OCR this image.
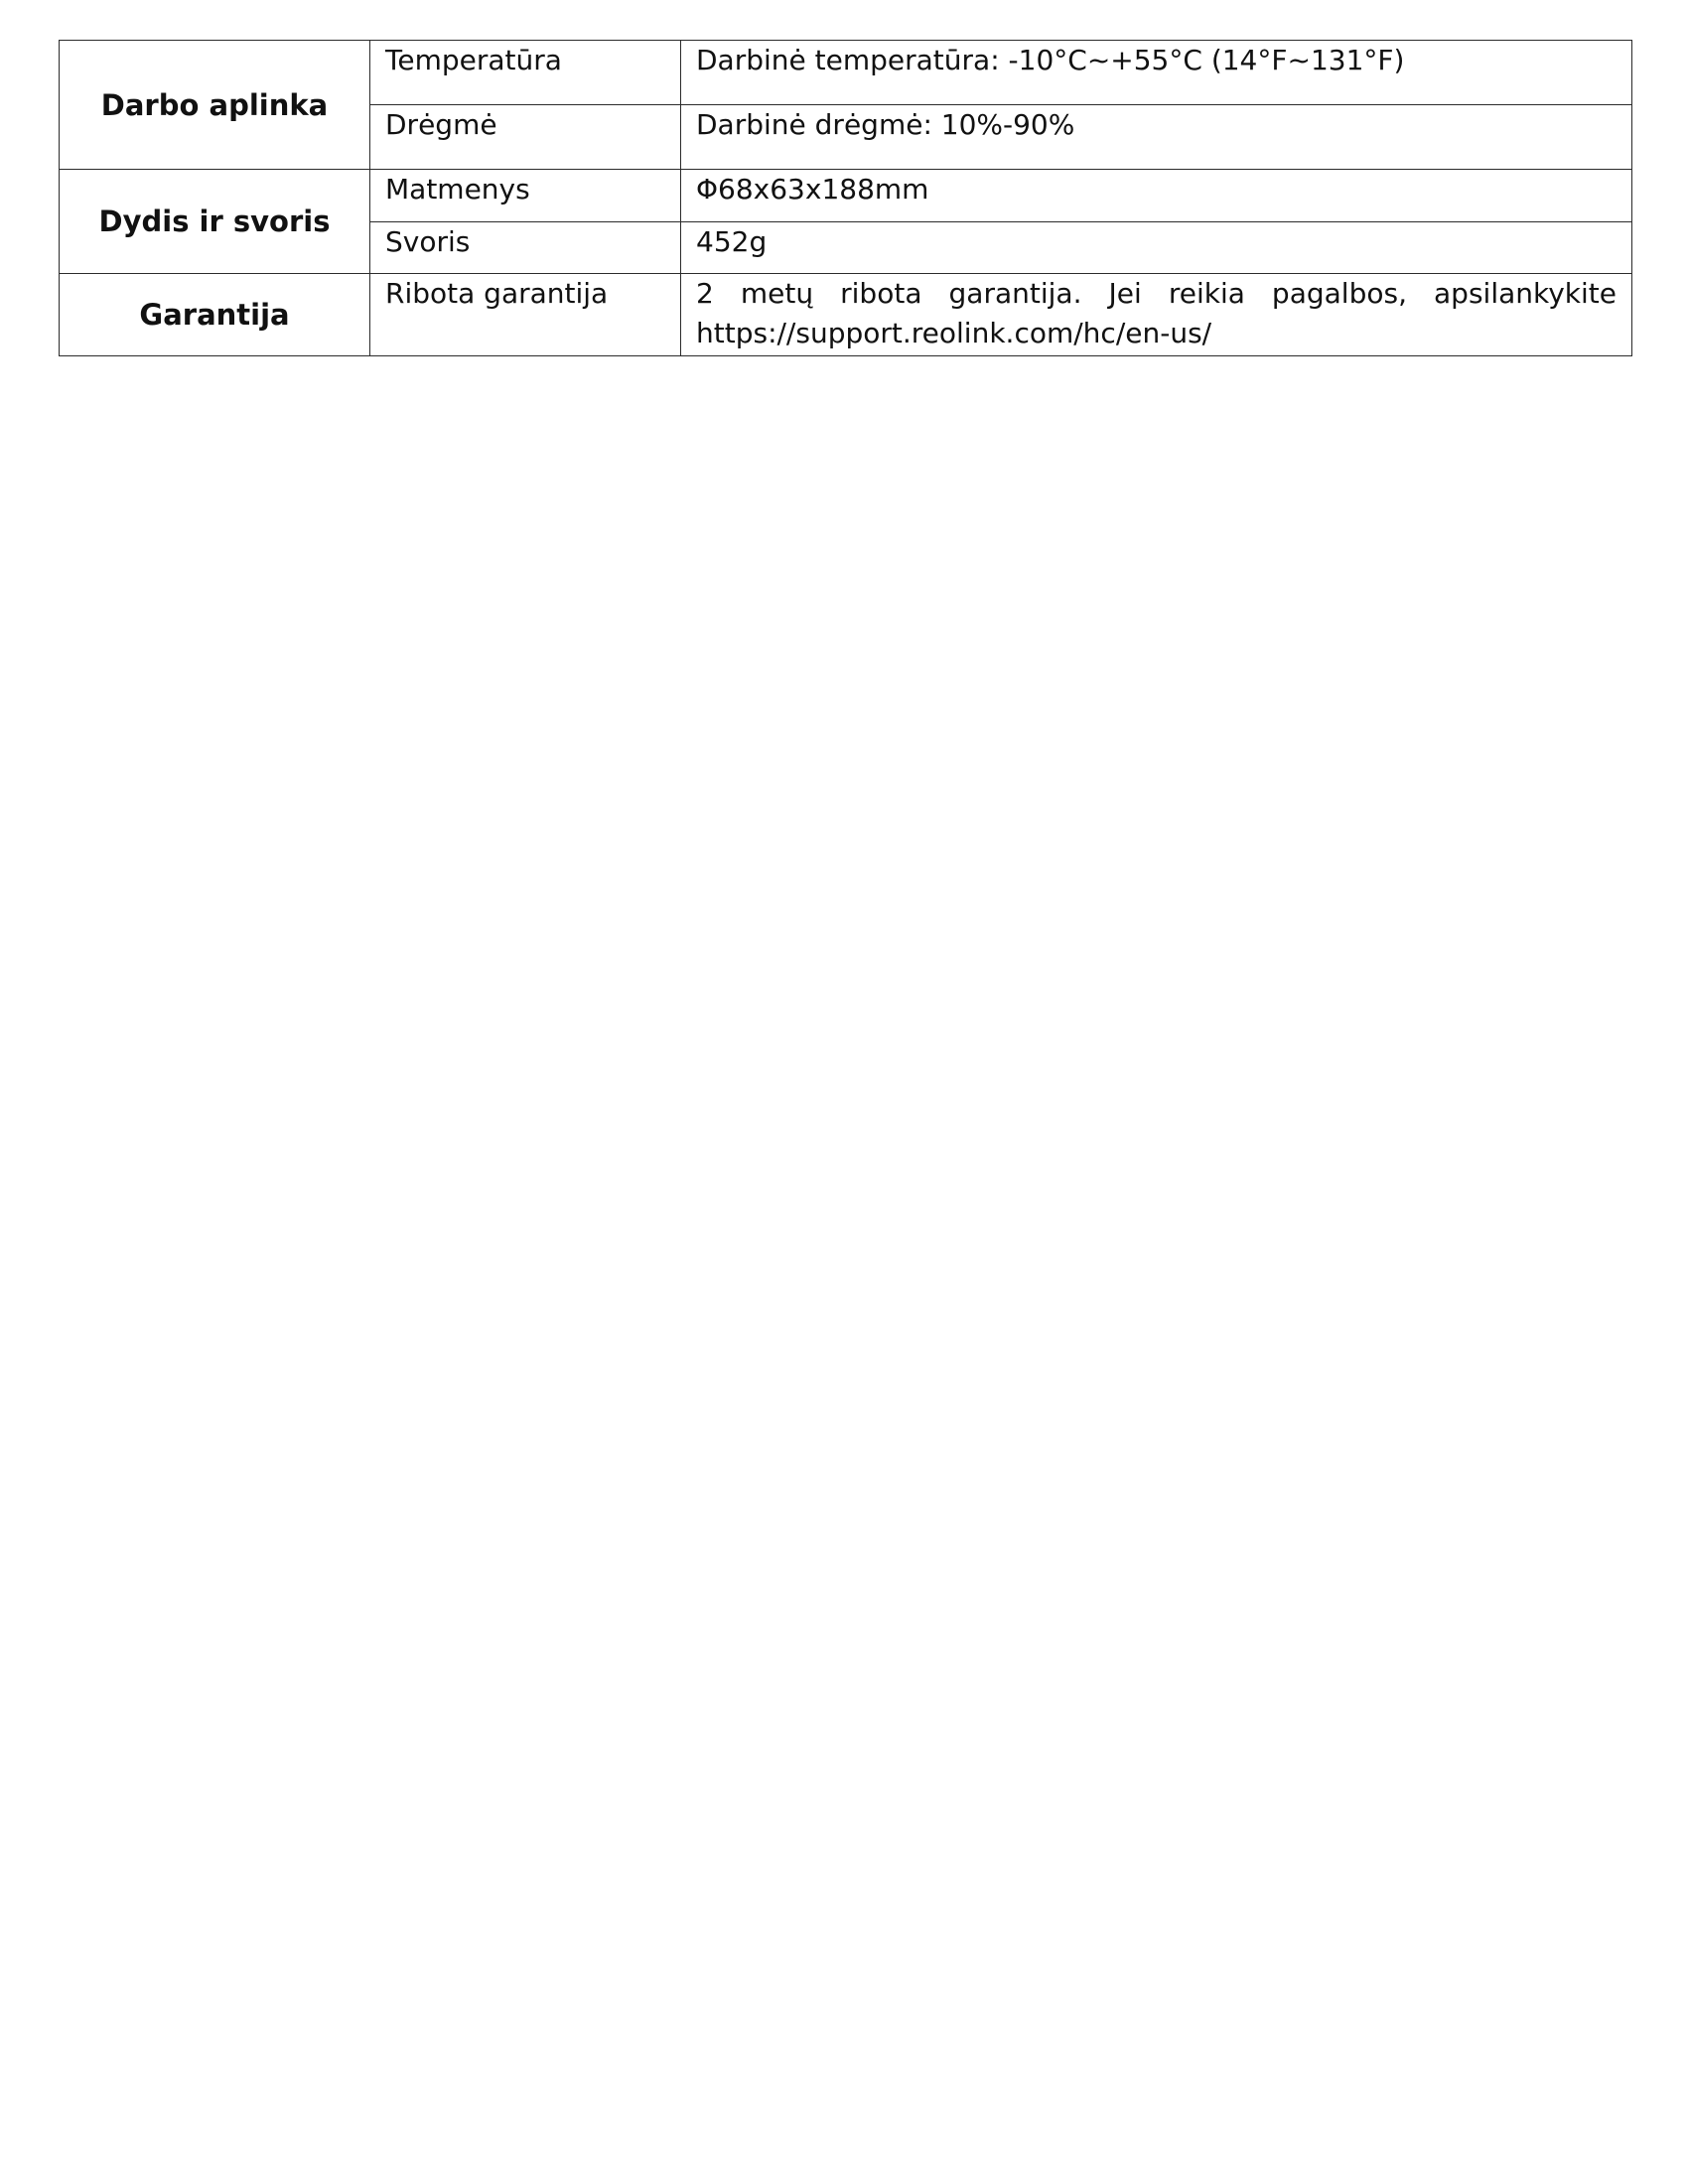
Darbo aplinka	Temperatūra	Darbinė temperatūra: -10°C~+55°C (14°F~131°F)
	Drėgmė	Darbinė drėgmė: 10%-90%
Dydis ir svoris	Matmenys	Φ68x63x188mm
	Svoris	452g
Garantija	Ribota garantija	2 metų ribota garantija. Jei reikia pagalbos, apsilankykite
https://support.reolink.com/hc/en-us/
